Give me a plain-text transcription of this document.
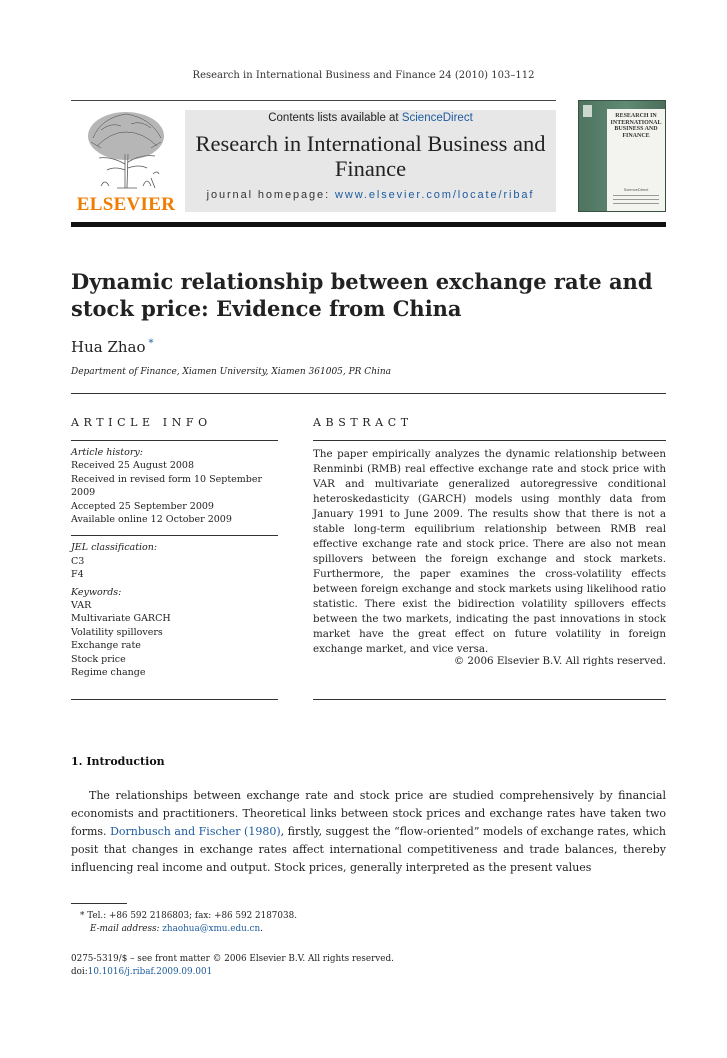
Research in International Business and Finance 24 (2010) 103–112
ELSEVIER
Contents lists available at ScienceDirect
Research in International Business and Finance
journal homepage: www.elsevier.com/locate/ribaf
RESEARCH IN INTERNATIONAL BUSINESS AND FINANCE
ScienceDirect
Dynamic relationship between exchange rate and stock price: Evidence from China
Hua Zhao *
Department of Finance, Xiamen University, Xiamen 361005, PR China
ARTICLE INFO	ABSTRACT
Article history:
Received 25 August 2008
Received in revised form 10 September 2009
Accepted 25 September 2009
Available online 12 October 2009
JEL classification:
C3
F4
Keywords:
VAR
Multivariate GARCH
Volatility spillovers
Exchange rate
Stock price
Regime change

The paper empirically analyzes the dynamic relationship between Renminbi (RMB) real effective exchange rate and stock price with VAR and multivariate generalized autoregressive conditional heteroskedasticity (GARCH) models using monthly data from January 1991 to June 2009. The results show that there is not a stable long-term equilibrium relationship between RMB real effective exchange rate and stock price. There are also not mean spillovers between the foreign exchange and stock markets. Furthermore, the paper examines the cross-volatility effects between foreign exchange and stock markets using likelihood ratio statistic. There exist the bidirection volatility spillovers effects between the two markets, indicating the past innovations in stock market have the great effect on future volatility in foreign exchange market, and vice versa.

© 2006 Elsevier B.V. All rights reserved.
1. Introduction

The relationships between exchange rate and stock price are studied comprehensively by financial economists and practitioners. Theoretical links between stock prices and exchange rates have taken two forms. Dornbusch and Fischer (1980), firstly, suggest the “flow-oriented” models of exchange rates, which posit that changes in exchange rates affect international competitiveness and trade balances, thereby influencing real income and output. Stock prices, generally interpreted as the present values

* Tel.: +86 592 2186803; fax: +86 592 2187038.
E-mail address: zhaohua@xmu.edu.cn.
0275-5319/$ – see front matter © 2006 Elsevier B.V. All rights reserved.
doi:10.1016/j.ribaf.2009.09.001
